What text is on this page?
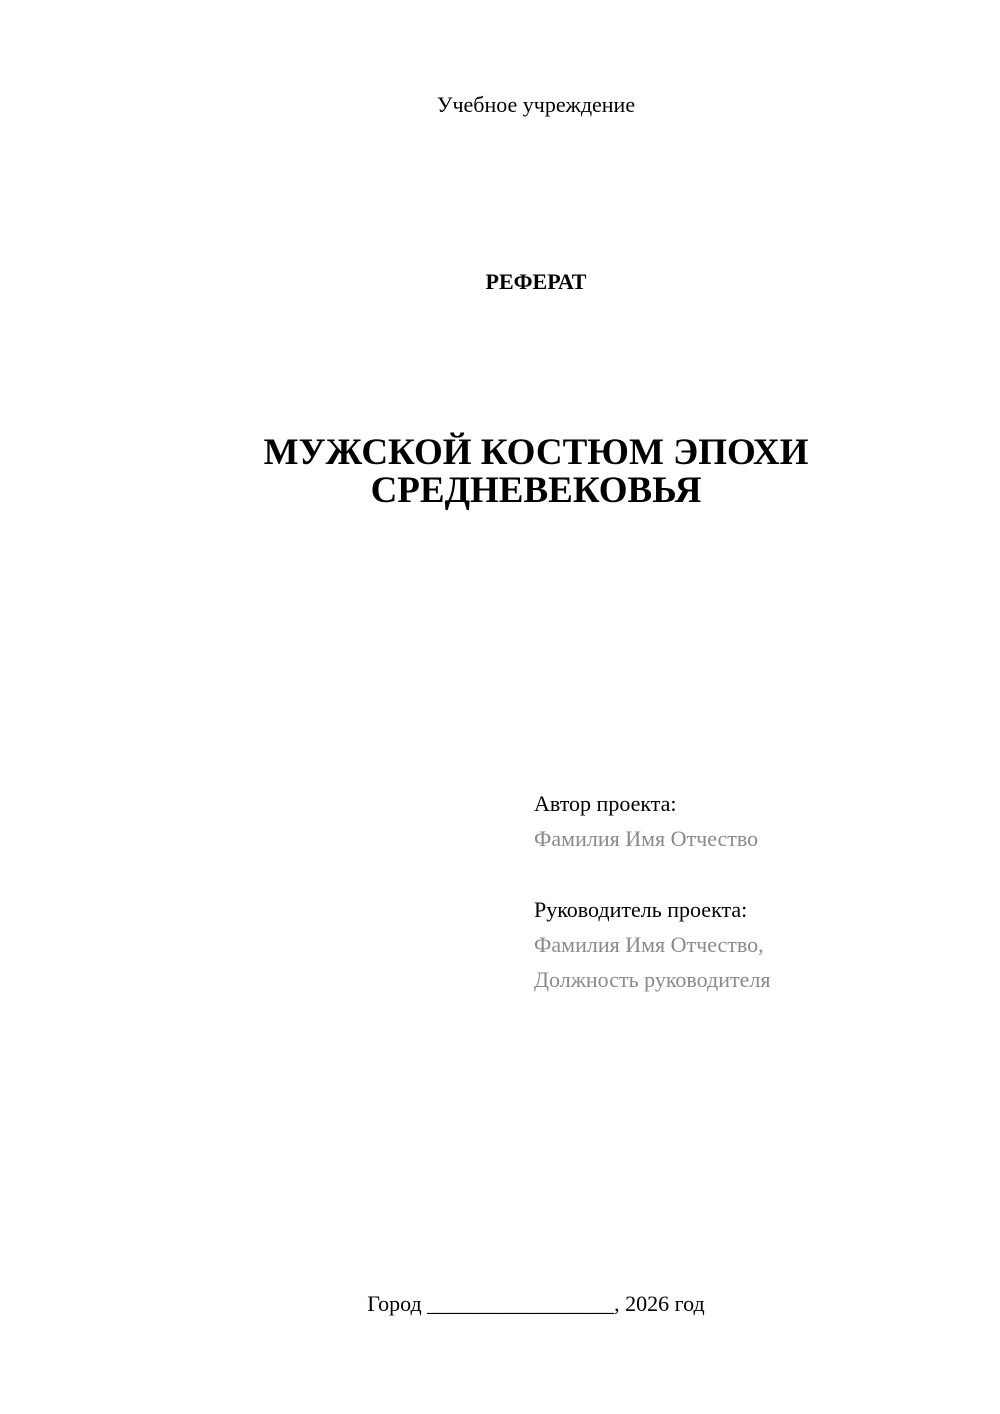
Учебное учреждение
РЕФЕРАТ
МУЖСКОЙ КОСТЮМ ЭПОХИ
СРЕДНЕВЕКОВЬЯ
Автор проекта:
Фамилия Имя Отчество
Руководитель проекта:
Фамилия Имя Отчество,
Должность руководителя
Город _________________, 2026 год
